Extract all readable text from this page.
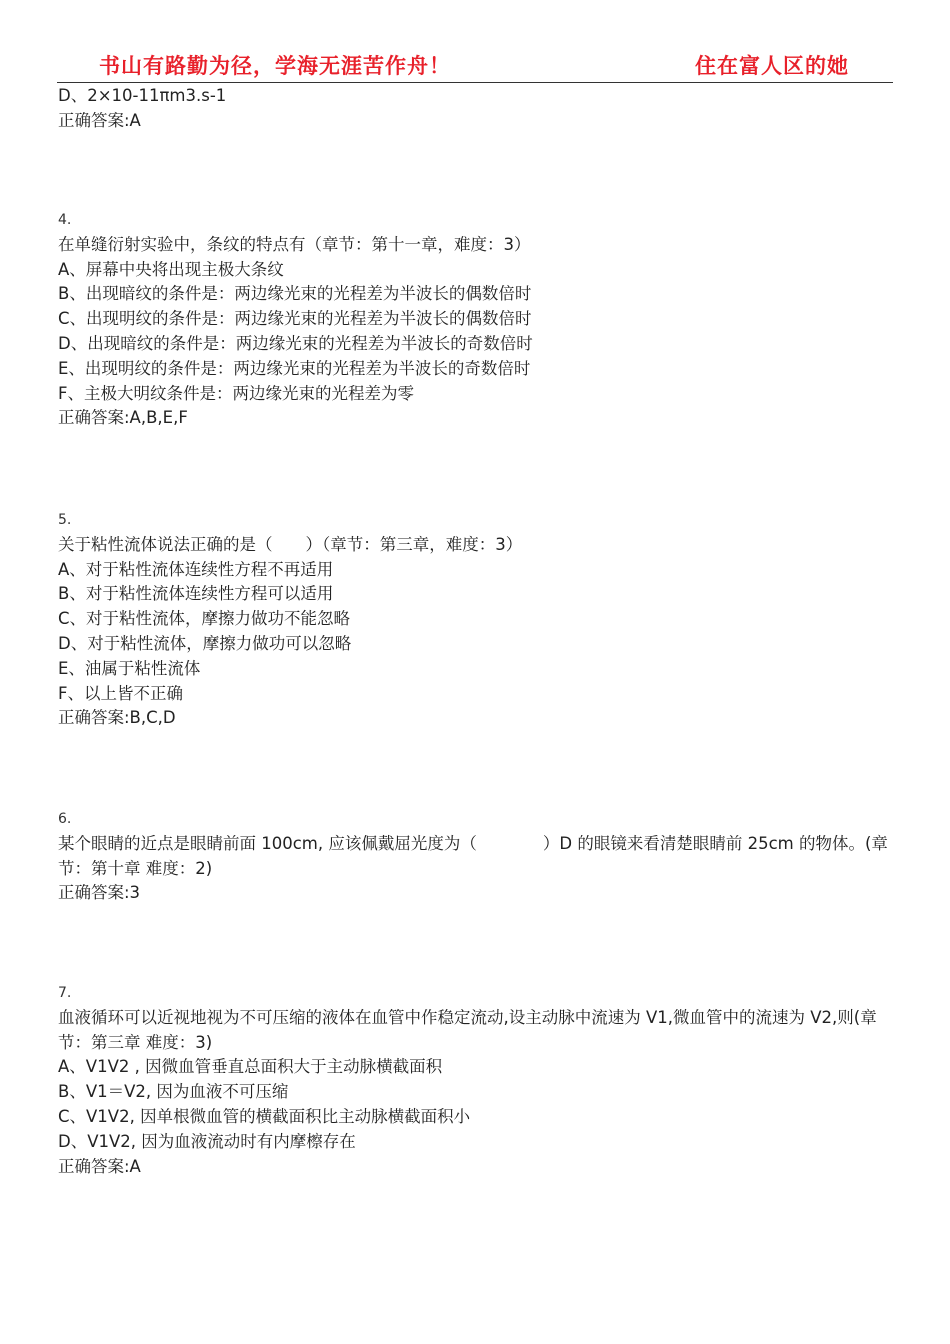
书山有路勤为径，学海无涯苦作舟！	住在富人区的她
D、2×10-11πm3.s-1
正确答案:A
4.
在单缝衍射实验中，条纹的特点有（章节：第十一章，难度：3）
A、屏幕中央将出现主极大条纹
B、出现暗纹的条件是：两边缘光束的光程差为半波长的偶数倍时
C、出现明纹的条件是：两边缘光束的光程差为半波长的偶数倍时
D、出现暗纹的条件是：两边缘光束的光程差为半波长的奇数倍时
E、出现明纹的条件是：两边缘光束的光程差为半波长的奇数倍时
F、主极大明纹条件是：两边缘光束的光程差为零
正确答案:A,B,E,F
5.
关于粘性流体说法正确的是（　　）（章节：第三章，难度：3）
A、对于粘性流体连续性方程不再适用
B、对于粘性流体连续性方程可以适用
C、对于粘性流体，摩擦力做功不能忽略
D、对于粘性流体，摩擦力做功可以忽略
E、油属于粘性流体
F、以上皆不正确
正确答案:B,C,D
6.
某个眼睛的近点是眼睛前面 100cm, 应该佩戴屈光度为（　　　　）D 的眼镜来看清楚眼睛前 25cm 的物体。(章节：第十章 难度：2)
正确答案:3
7.
血液循环可以近视地视为不可压缩的液体在血管中作稳定流动,设主动脉中流速为 V1,微血管中的流速为 V2,则(章节：第三章 难度：3)
A、V1V2 , 因微血管垂直总面积大于主动脉横截面积
B、V1＝V2, 因为血液不可压缩
C、V1V2, 因单根微血管的横截面积比主动脉横截面积小
D、V1V2, 因为血液流动时有内摩檫存在
正确答案:A
